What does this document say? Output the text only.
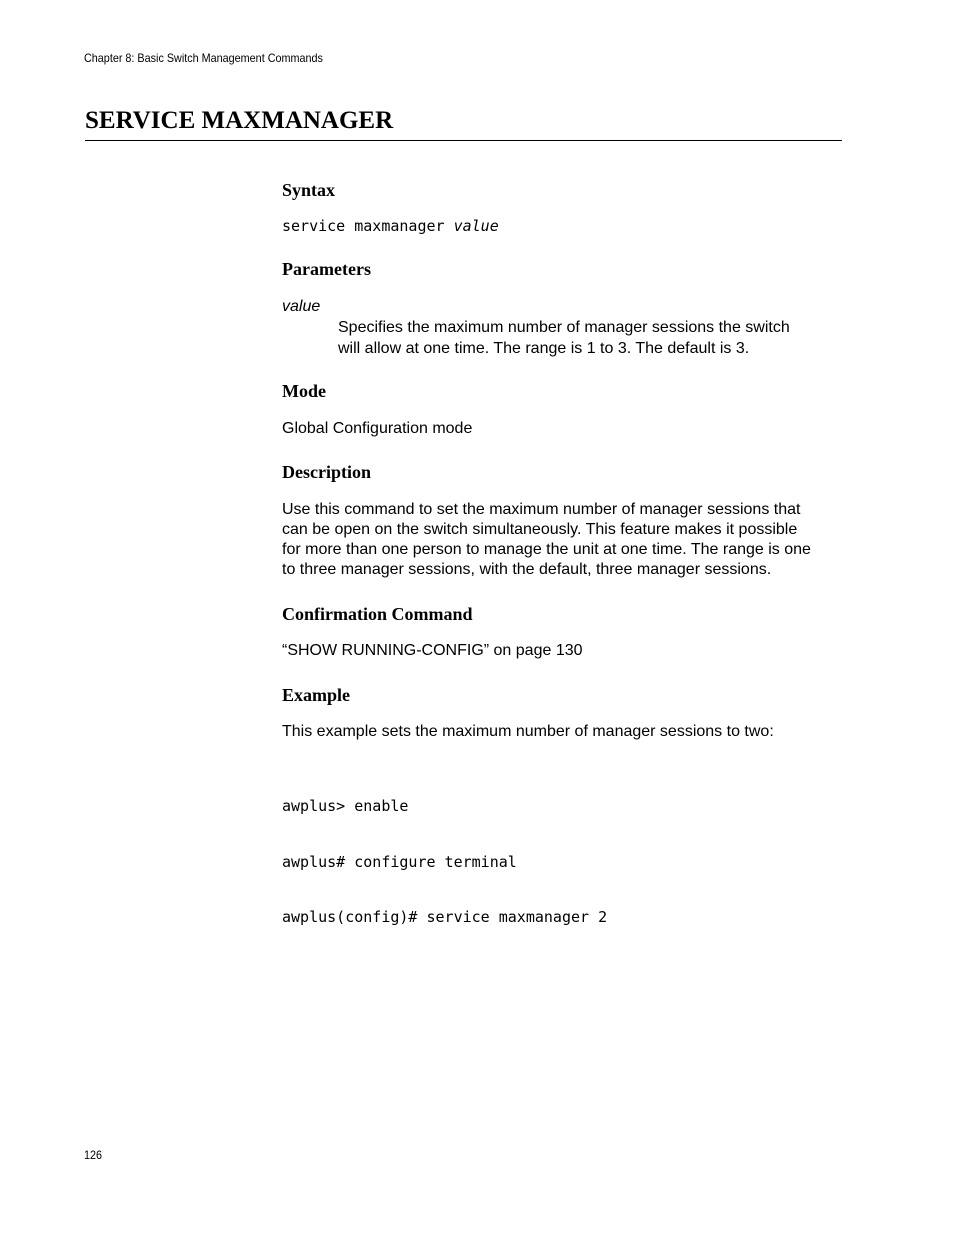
Chapter 8: Basic Switch Management Commands
SERVICE MAXMANAGER
Syntax
service maxmanager value
Parameters
value
Specifies the maximum number of manager sessions the switch
will allow at one time. The range is 1 to 3. The default is 3.
Mode
Global Configuration mode
Description
Use this command to set the maximum number of manager sessions that
can be open on the switch simultaneously. This feature makes it possible
for more than one person to manage the unit at one time. The range is one
to three manager sessions, with the default, three manager sessions.
Confirmation Command
“SHOW RUNNING-CONFIG” on page 130
Example
This example sets the maximum number of manager sessions to two:

awplus> enable

awplus# configure terminal

awplus(config)# service maxmanager 2

126
